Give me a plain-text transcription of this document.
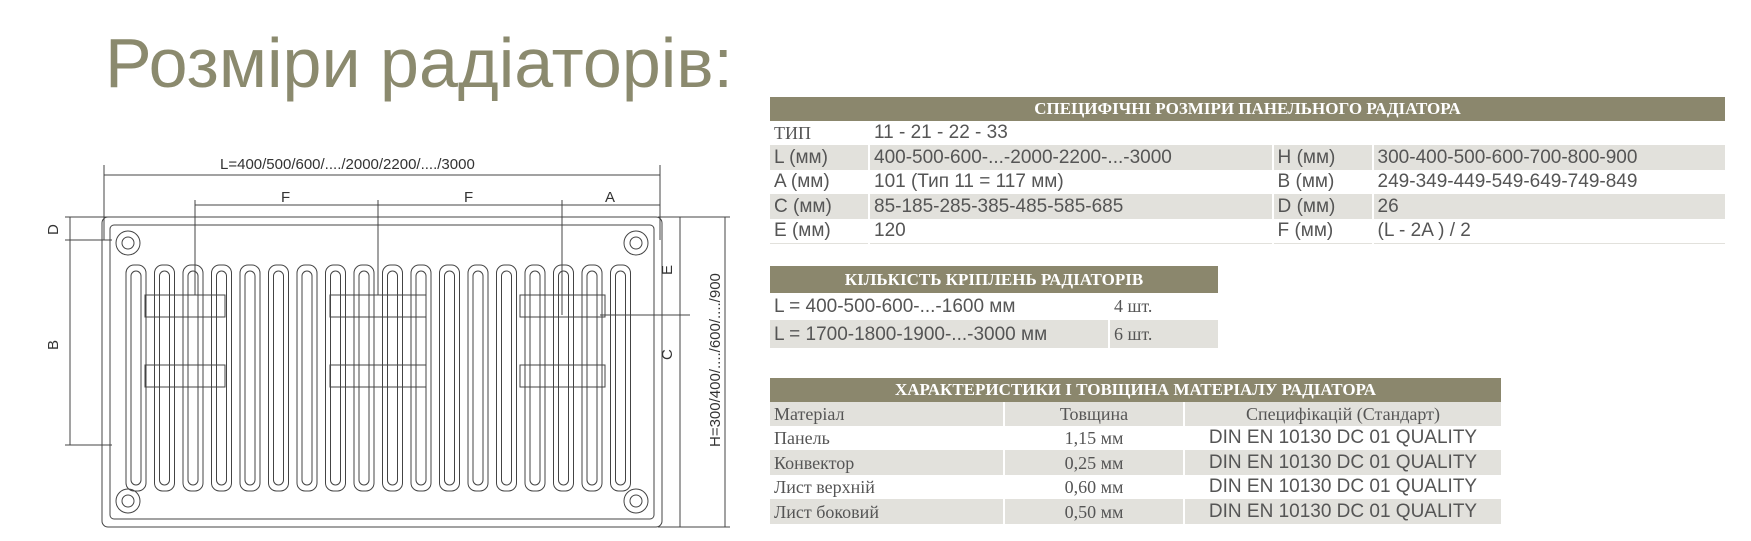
Розміри радіаторів:
L=400/500/600/..../2000/2200/..../3000
F	F	A
D
B
E
C H=300/400/..../600/..../900
СПЕЦИФІЧНІ РОЗМІРИ ПАНЕЛЬНОГО РАДІАТОРА			
ТИП	11 - 21 - 22 - 33		
L (мм)	400-500-600-...-2000-2200-...-3000	H (мм)	300-400-500-600-700-800-900
A (мм)	101 (Тип 11 = 117 мм)	B (мм)	249-349-449-549-649-749-849
C (мм)	85-185-285-385-485-585-685	D (мм)	26
E (мм)	120	F (мм)	(L - 2A ) / 2
КІЛЬКІСТЬ КРІПЛЕНЬ РАДІАТОРІВ	
L = 400-500-600-...-1600 мм	4 шт.
L = 1700-1800-1900-...-3000 мм	6 шт.
ХАРАКТЕРИСТИКИ І ТОВЩИНА МАТЕРІАЛУ РАДІАТОРА		
Матеріал	Товщина	Специфікацій (Стандарт)
Панель	1,15 мм	DIN EN 10130 DC 01 QUALITY
Конвектор	0,25 мм	DIN EN 10130 DC 01 QUALITY
Лист верхній	0,60 мм	DIN EN 10130 DC 01 QUALITY
Лист боковий	0,50 мм	DIN EN 10130 DC 01 QUALITY
